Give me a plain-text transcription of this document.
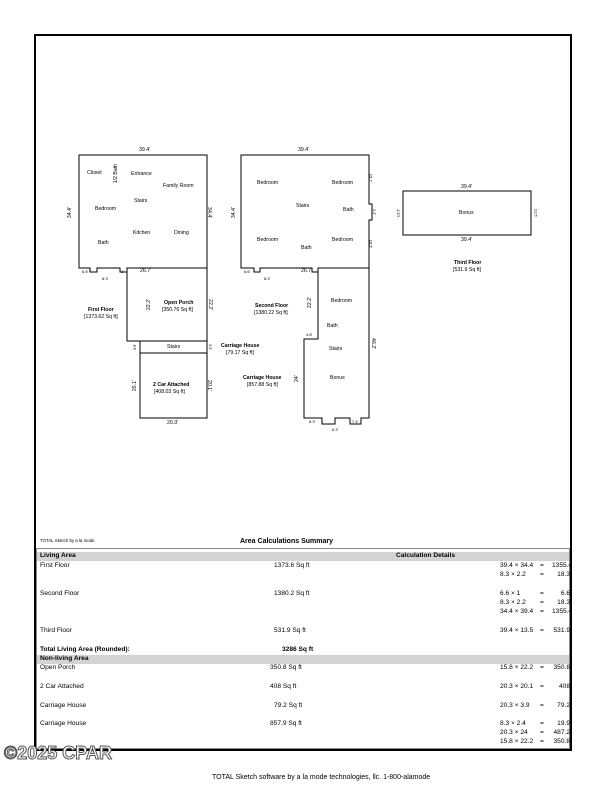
39.4'
34.4'	34.4'
6.6'	1'
8.3'
26.7'
Closet 1/2 Bath Entrance
Family Room
Stairs
Bedroom
Kitchen	Dining
Bath
First Floor
[1373.62 Sq ft]
Open Porch
[350.76 Sq ft]
22.2'	22.2'
Stairs
3.9'	3.9' Carriage House
[79.17 Sq ft]
2 Car Attached
[408.03 Sq ft]
20.1'	20.1'
20.3'
39.4'
34.4'
15.7'
2.2'
16.5'
6.6'
8.3'
26.7'
Bedroom	Bedroom
Stairs
Bath
Bedroom
Bath
Bedroom
Second Floor
[1380.22 Sq ft]
22.2'
24'
46.2'
4.8'
8.3'
6.3'
7.4'
Bedroom
Bath
Stairs
Bonus
Carriage House
[857.88 Sq ft]
39.4'
39.4'
13.5'	13.5'
Bonus
Third Floor
[531.9 Sq ft]
TOTAL Sketch by a la mode	Area Calculations Summary
Living Area	Calculation Details
First Floor	1373.6 Sq ft	39.4 × 34.4 = 1355.4
8.3 × 2.2 =	18.3
Second Floor	1380.2 Sq ft	6.6 × 1	=	6.6
8.3 × 2.2 =	18.3
34.4 × 39.4 = 1355.4
Third Floor	531.9 Sq ft	39.4 × 13.5 = 531.9
Total Living Area (Rounded):	3286 Sq ft
Non-living Area
Open Porch	350.8 Sq ft	15.8 × 22.2 = 350.8
2 Car Attached	408 Sq ft	20.3 × 20.1 =	408
Carriage House	79.2 Sq ft	20.3 × 3.9 =	79.2
Carriage House	857.9 Sq ft	8.3 × 2.4 =	19.9
20.3 × 24 = 487.2
15.8 × 22.2 = 350.8
©2025 CPAR
TOTAL Sketch software by a la mode technologies, llc. 1-800-alamode
